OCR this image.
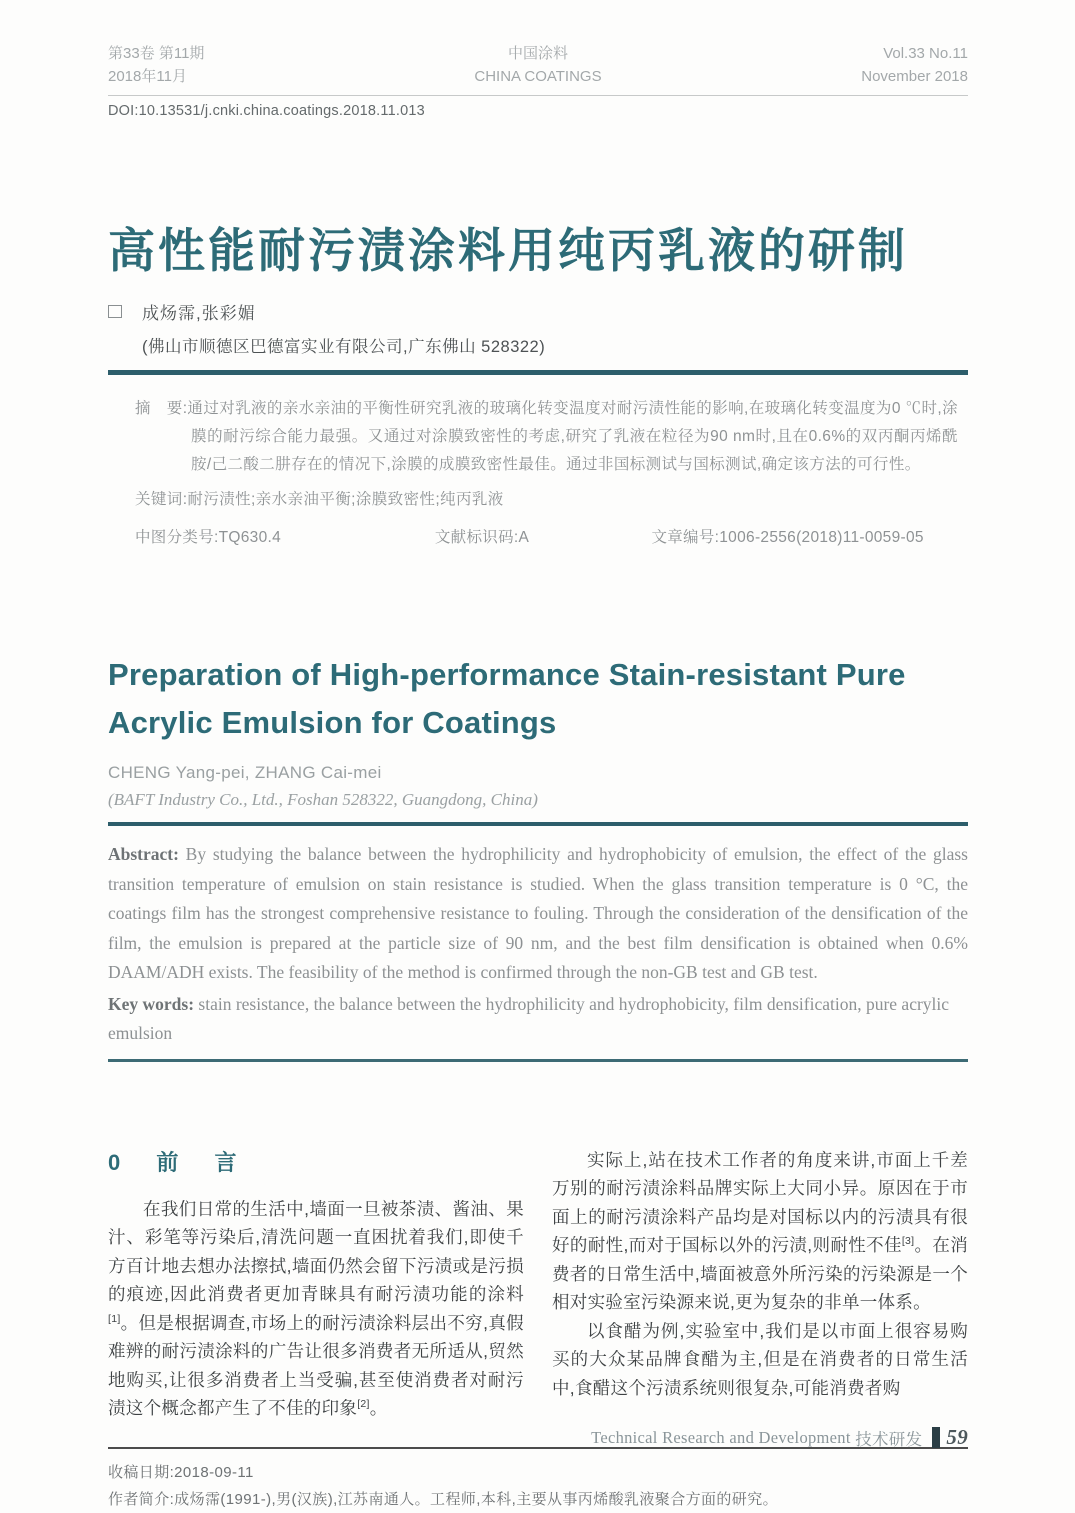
第33卷 第11期
2018年11月
中国涂料
CHINA COATINGS
Vol.33 No.11
November 2018
DOI:10.13531/j.cnki.china.coatings.2018.11.013
高性能耐污渍涂料用纯丙乳液的研制
成炀霈,张彩媚
(佛山市顺德区巴德富实业有限公司,广东佛山 528322)

摘　要:通过对乳液的亲水亲油的平衡性研究乳液的玻璃化转变温度对耐污渍性能的影响,在玻璃化转变温度为0 ℃时,涂膜的耐污综合能力最强。又通过对涂膜致密性的考虑,研究了乳液在粒径为90 nm时,且在0.6%的双丙酮丙烯酰胺/己二酸二肼存在的情况下,涂膜的成膜致密性最佳。通过非国标测试与国标测试,确定该方法的可行性。

关键词:耐污渍性;亲水亲油平衡;涂膜致密性;纯丙乳液

中图分类号:TQ630.4	文献标识码:A	文章编号:1006-2556(2018)11-0059-05
Preparation of High-performance Stain-resistant Pure
Acrylic Emulsion for Coatings
CHENG Yang-pei, ZHANG Cai-mei
(BAFT Industry Co., Ltd., Foshan 528322, Guangdong, China)

Abstract: By studying the balance between the hydrophilicity and hydrophobicity of emulsion, the effect of the glass transition temperature of emulsion on stain resistance is studied. When the glass transition temperature is 0 °C, the coatings film has the strongest comprehensive resistance to fouling. Through the consideration of the densification of the film, the emulsion is prepared at the particle size of 90 nm, and the best film densification is obtained when 0.6% DAAM/ADH exists. The feasibility of the method is confirmed through the non-GB test and GB test.

Key words: stain resistance, the balance between the hydrophilicity and hydrophobicity, film densification, pure acrylic emulsion

0 前 言

在我们日常的生活中,墙面一旦被茶渍、酱油、果汁、彩笔等污染后,清洗问题一直困扰着我们,即使千方百计地去想办法擦拭,墙面仍然会留下污渍或是污损的痕迹,因此消费者更加青睐具有耐污渍功能的涂料[1]。但是根据调查,市场上的耐污渍涂料层出不穷,真假难辨的耐污渍涂料的广告让很多消费者无所适从,贸然地购买,让很多消费者上当受骗,甚至使消费者对耐污渍这个概念都产生了不佳的印象[2]。

实际上,站在技术工作者的角度来讲,市面上千差万别的耐污渍涂料品牌实际上大同小异。原因在于市面上的耐污渍涂料产品均是对国标以内的污渍具有很好的耐性,而对于国标以外的污渍,则耐性不佳[3]。在消费者的日常生活中,墙面被意外所污染的污染源是一个相对实验室污染源来说,更为复杂的非单一体系。

以食醋为例,实验室中,我们是以市面上很容易购买的大众某品牌食醋为主,但是在消费者的日常生活中,食醋这个污渍系统则很复杂,可能消费者购

收稿日期:2018-09-11
作者简介:成炀霈(1991-),男(汉族),江苏南通人。工程师,本科,主要从事丙烯酸乳液聚合方面的研究。
Technical Research and Development
技术研发 59
